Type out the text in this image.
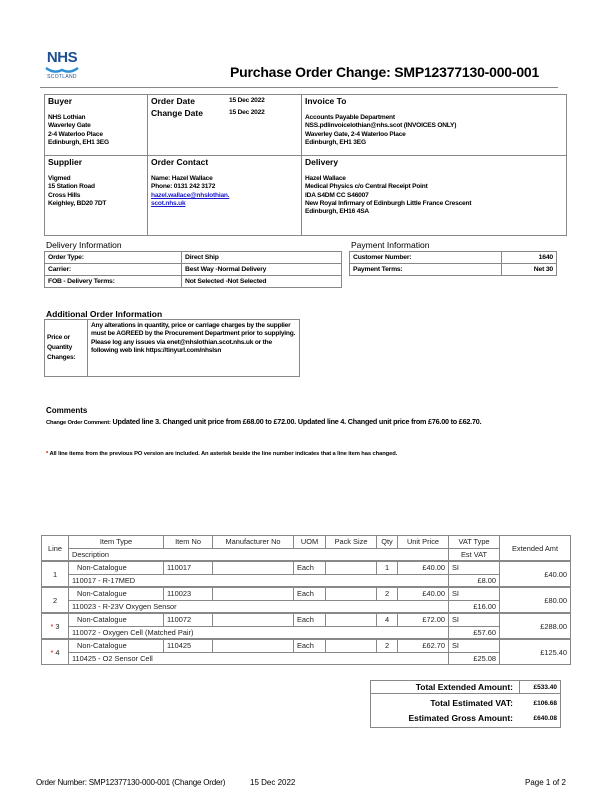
NHS
SCOTLAND	Purchase Order Change: SMP12377130-000-001
Buyer
NHS Lothian
Waverley Gate
2-4 Waterloo Place
Edinburgh, EH1 3EG
Order Date	15 Dec 2022
Change Date	15 Dec 2022
Invoice To
Accounts Payable Department
NSS.pdlinvoicelothian@nhs.scot (INVOICES ONLY)
Waverley Gate, 2-4 Waterloo Place
Edinburgh, EH1 3EG
Supplier
Vigmed
15 Station Road
Cross Hills
Keighley, BD20 7DT
Order Contact
Name: Hazel Wallace
Phone: 0131 242 3172
hazel.wallace@nhslothian.
scot.nhs.uk
Delivery
Hazel Wallace
Medical Physics c/o Central Receipt Point
IDA S4DM CC S46007
New Royal Infirmary of Edinburgh Little France Crescent
Edinburgh, EH16 4SA
Delivery Information
Order Type:	Direct Ship
Carrier:	Best Way -Normal Delivery
FOB - Delivery Terms:	Not Selected -Not Selected
Payment Information
Customer Number:	1640
Payment Terms:	Net 30
Additional Order Information
Price or Quantity Changes:
Any alterations in quantity, price or carriage charges by the supplier must be AGREED by the Procurement Department prior to supplying. Please log any issues via enet@nhslothian.scot.nhs.uk or the following web link https://tinyurl.com/nhslsn
Comments
Change Order Comment: Updated line 3. Changed unit price from £68.00 to £72.00. Updated line 4. Changed unit price from £76.00 to £62.70.
* All line items from the previous PO version are included. An asterisk beside the line number indicates that a line item has changed.
Line	Item Type	Item No	Manufacturer No	UOM	Pack Size	Qty	Unit Price	VAT Type	Extended Amt
	Description							Est VAT	
1	Non-Catalogue	110017		Each		1	£40.00	SI	£40.00
	110017 - R-17MED							£8.00	
2	Non-Catalogue	110023		Each		2	£40.00	SI	£80.00
	110023 - R-23V Oxygen Sensor							£16.00	
* 3	Non-Catalogue	110072		Each		4	£72.00	SI	£288.00
	110072 - Oxygen Cell (Matched Pair)							£57.60	
* 4	Non-Catalogue	110425		Each		2	£62.70	SI	£125.40
	110425 - O2 Sensor Cell							£25.08	
Total Extended Amount:	£533.40
Total Estimated VAT:	£106.68
Estimated Gross Amount:	£640.08
Order Number: SMP12377130-000-001 (Change Order)	15 Dec 2022	Page 1 of 2
